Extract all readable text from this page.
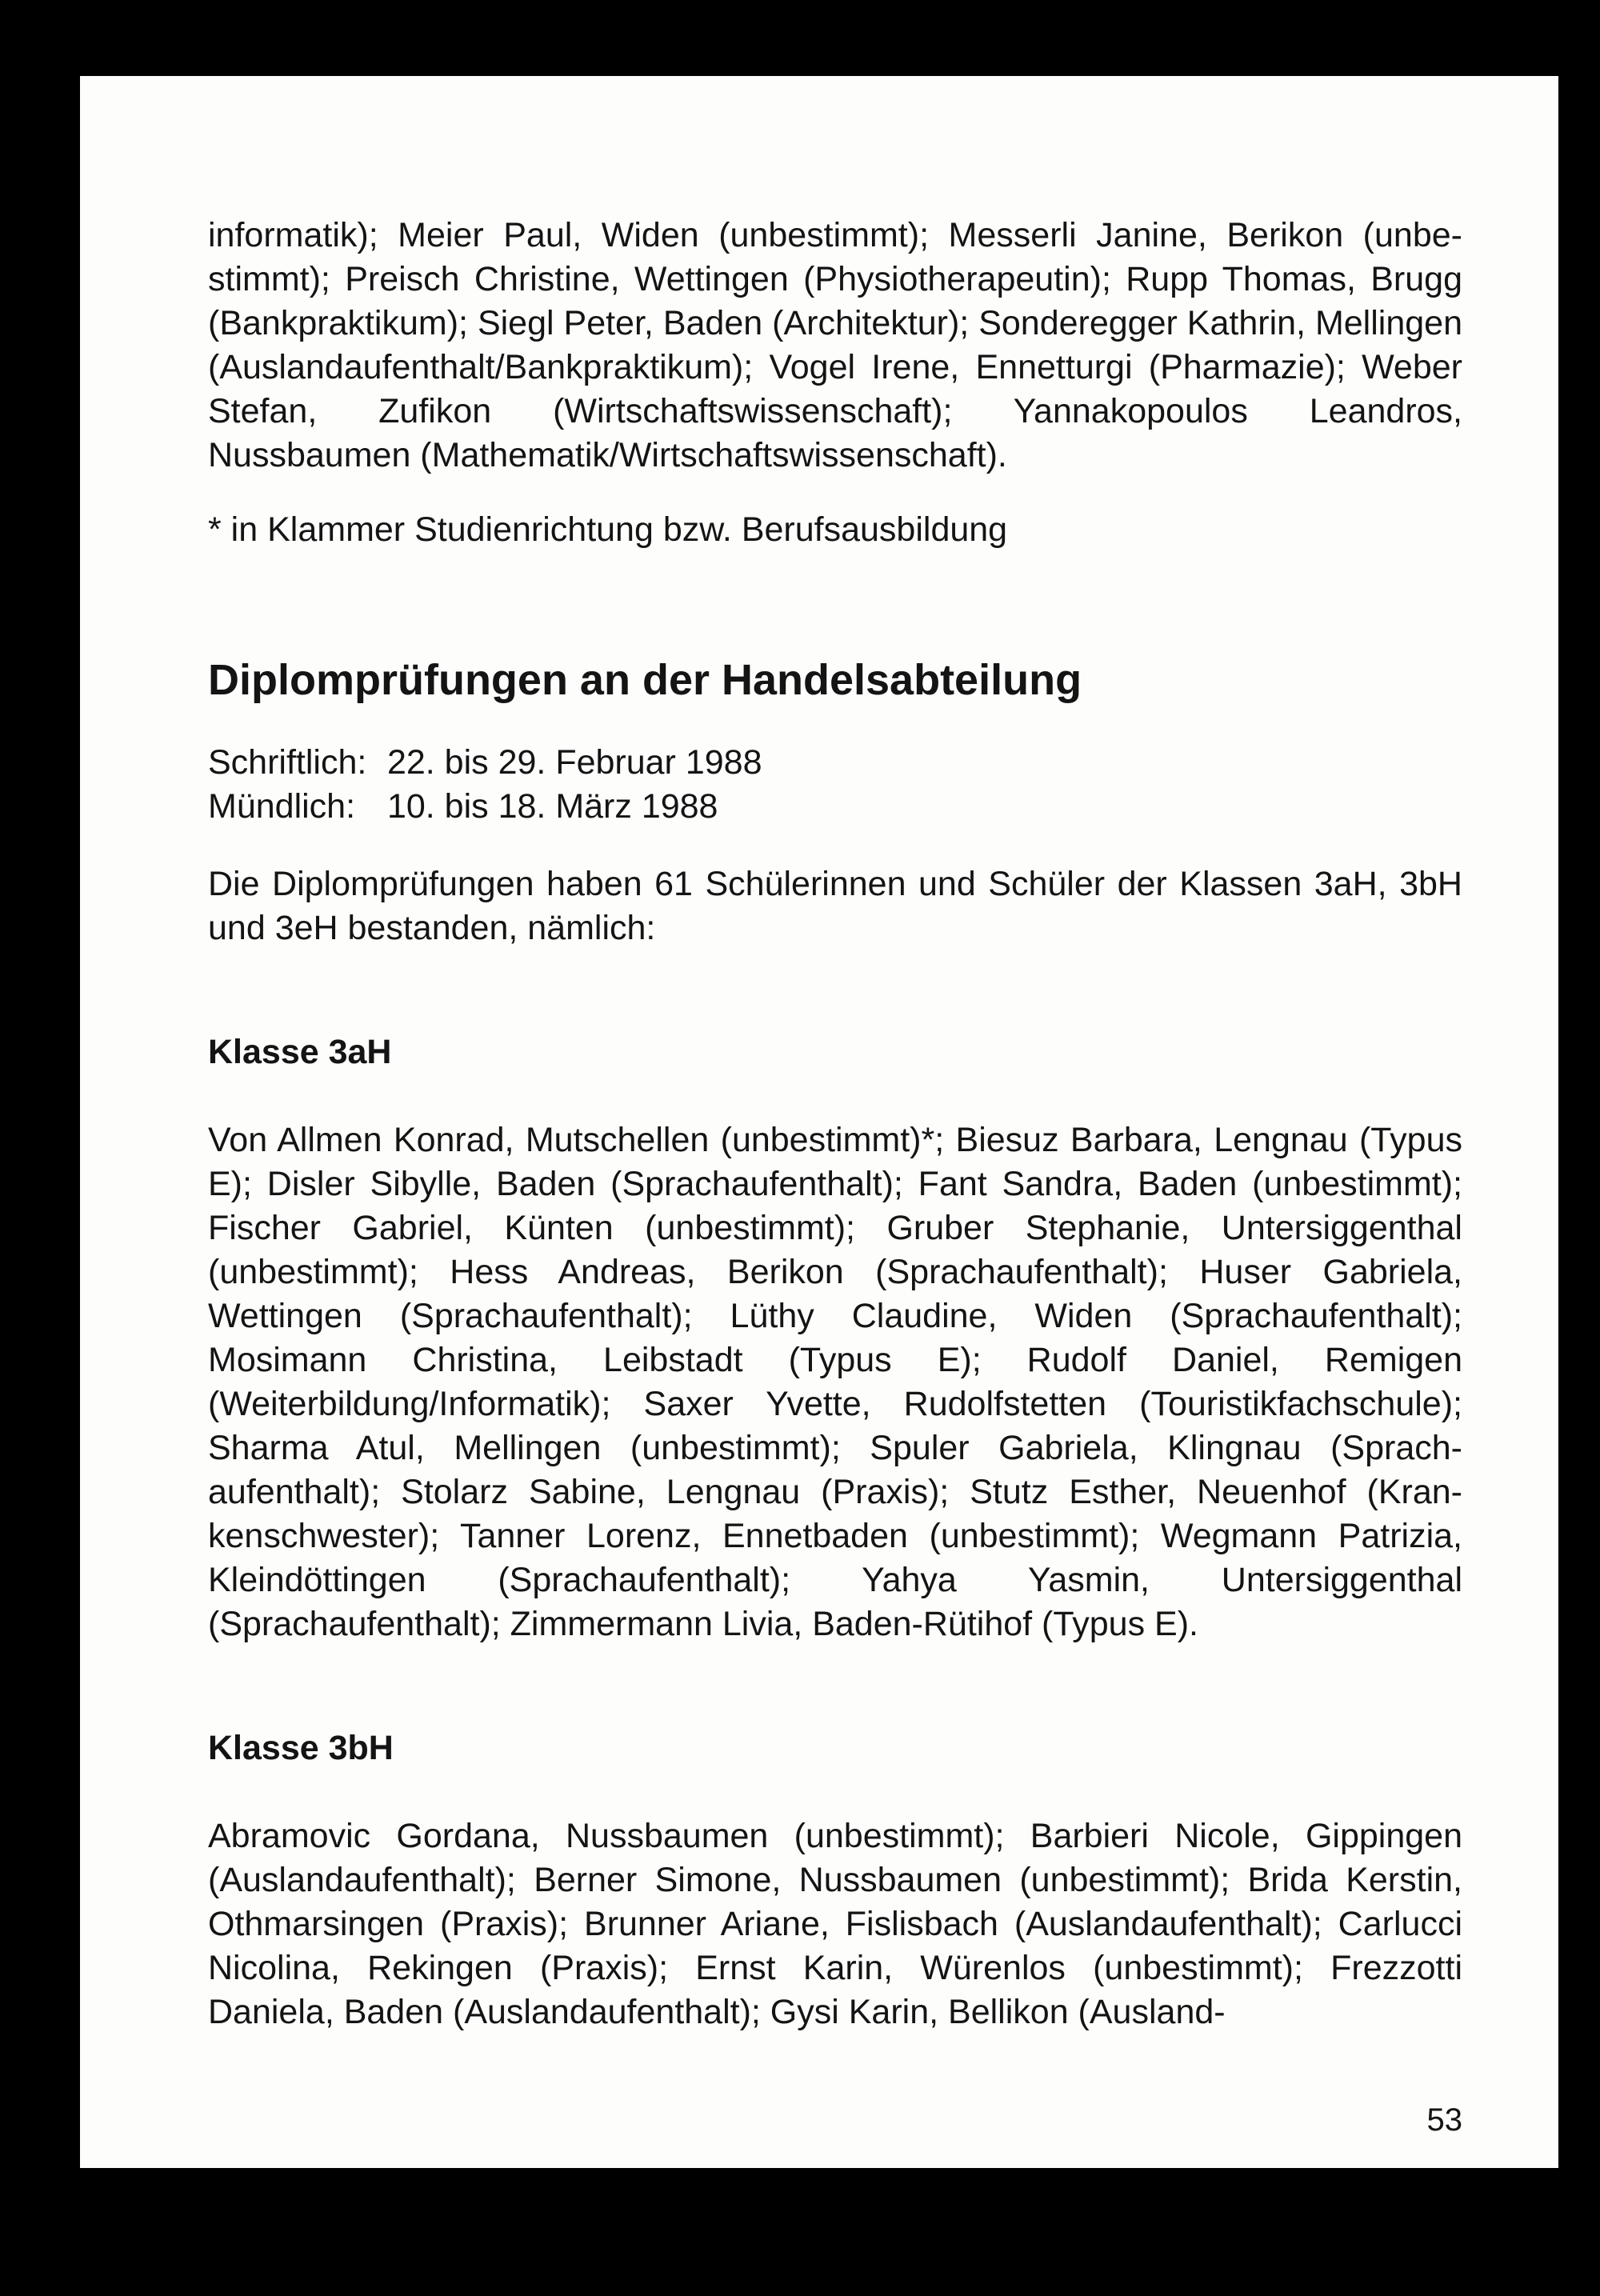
informatik); Meier Paul, Widen (unbestimmt); Messerli Janine, Berikon (unbestimmt); Preisch Christine, Wettingen (Physiotherapeutin); Rupp Thomas, Brugg (Bankpraktikum); Siegl Peter, Baden (Architektur); Sonderegger Kathrin, Mellingen (Auslandaufenthalt/Bankpraktikum); Vogel Irene, Ennetturgi (Pharmazie); Weber Stefan, Zufikon (Wirtschaftswissenschaft); Yannakopoulos Leandros, Nussbaumen (Mathematik/Wirtschaftswissenschaft).

* in Klammer Studienrichtung bzw. Berufsausbildung

Diplomprüfungen an der Handelsabteilung
Schriftlich: 22. bis 29. Februar 1988
Mündlich: 10. bis 18. März 1988

Die Diplomprüfungen haben 61 Schülerinnen und Schüler der Klassen 3aH, 3bH und 3eH bestanden, nämlich:

Klasse 3aH

Von Allmen Konrad, Mutschellen (unbestimmt)*; Biesuz Barbara, Lengnau (Typus E); Disler Sibylle, Baden (Sprachaufenthalt); Fant Sandra, Baden (unbestimmt); Fischer Gabriel, Künten (unbestimmt); Gruber Stephanie, Untersiggenthal (unbestimmt); Hess Andreas, Berikon (Sprachaufenthalt); Huser Gabriela, Wettingen (Sprachaufenthalt); Lüthy Claudine, Widen (Sprachaufenthalt); Mosimann Christina, Leibstadt (Typus E); Rudolf Daniel, Remigen (Weiterbildung/Informatik); Saxer Yvette, Rudolfstetten (Touristikfachschule); Sharma Atul, Mellingen (unbestimmt); Spuler Gabriela, Klingnau (Sprachaufenthalt); Stolarz Sabine, Lengnau (Praxis); Stutz Esther, Neuenhof (Krankenschwester); Tanner Lorenz, Ennetbaden (unbestimmt); Wegmann Patrizia, Kleindöttingen (Sprachaufenthalt); Yahya Yasmin, Untersiggenthal (Sprachaufenthalt); Zimmermann Livia, Baden-Rütihof (Typus E).

Klasse 3bH

Abramovic Gordana, Nussbaumen (unbestimmt); Barbieri Nicole, Gippingen (Auslandaufenthalt); Berner Simone, Nussbaumen (unbestimmt); Brida Kerstin, Othmarsingen (Praxis); Brunner Ariane, Fislisbach (Auslandaufenthalt); Carlucci Nicolina, Rekingen (Praxis); Ernst Karin, Würenlos (unbestimmt); Frezzotti Daniela, Baden (Auslandaufenthalt); Gysi Karin, Bellikon (Ausland-

53
